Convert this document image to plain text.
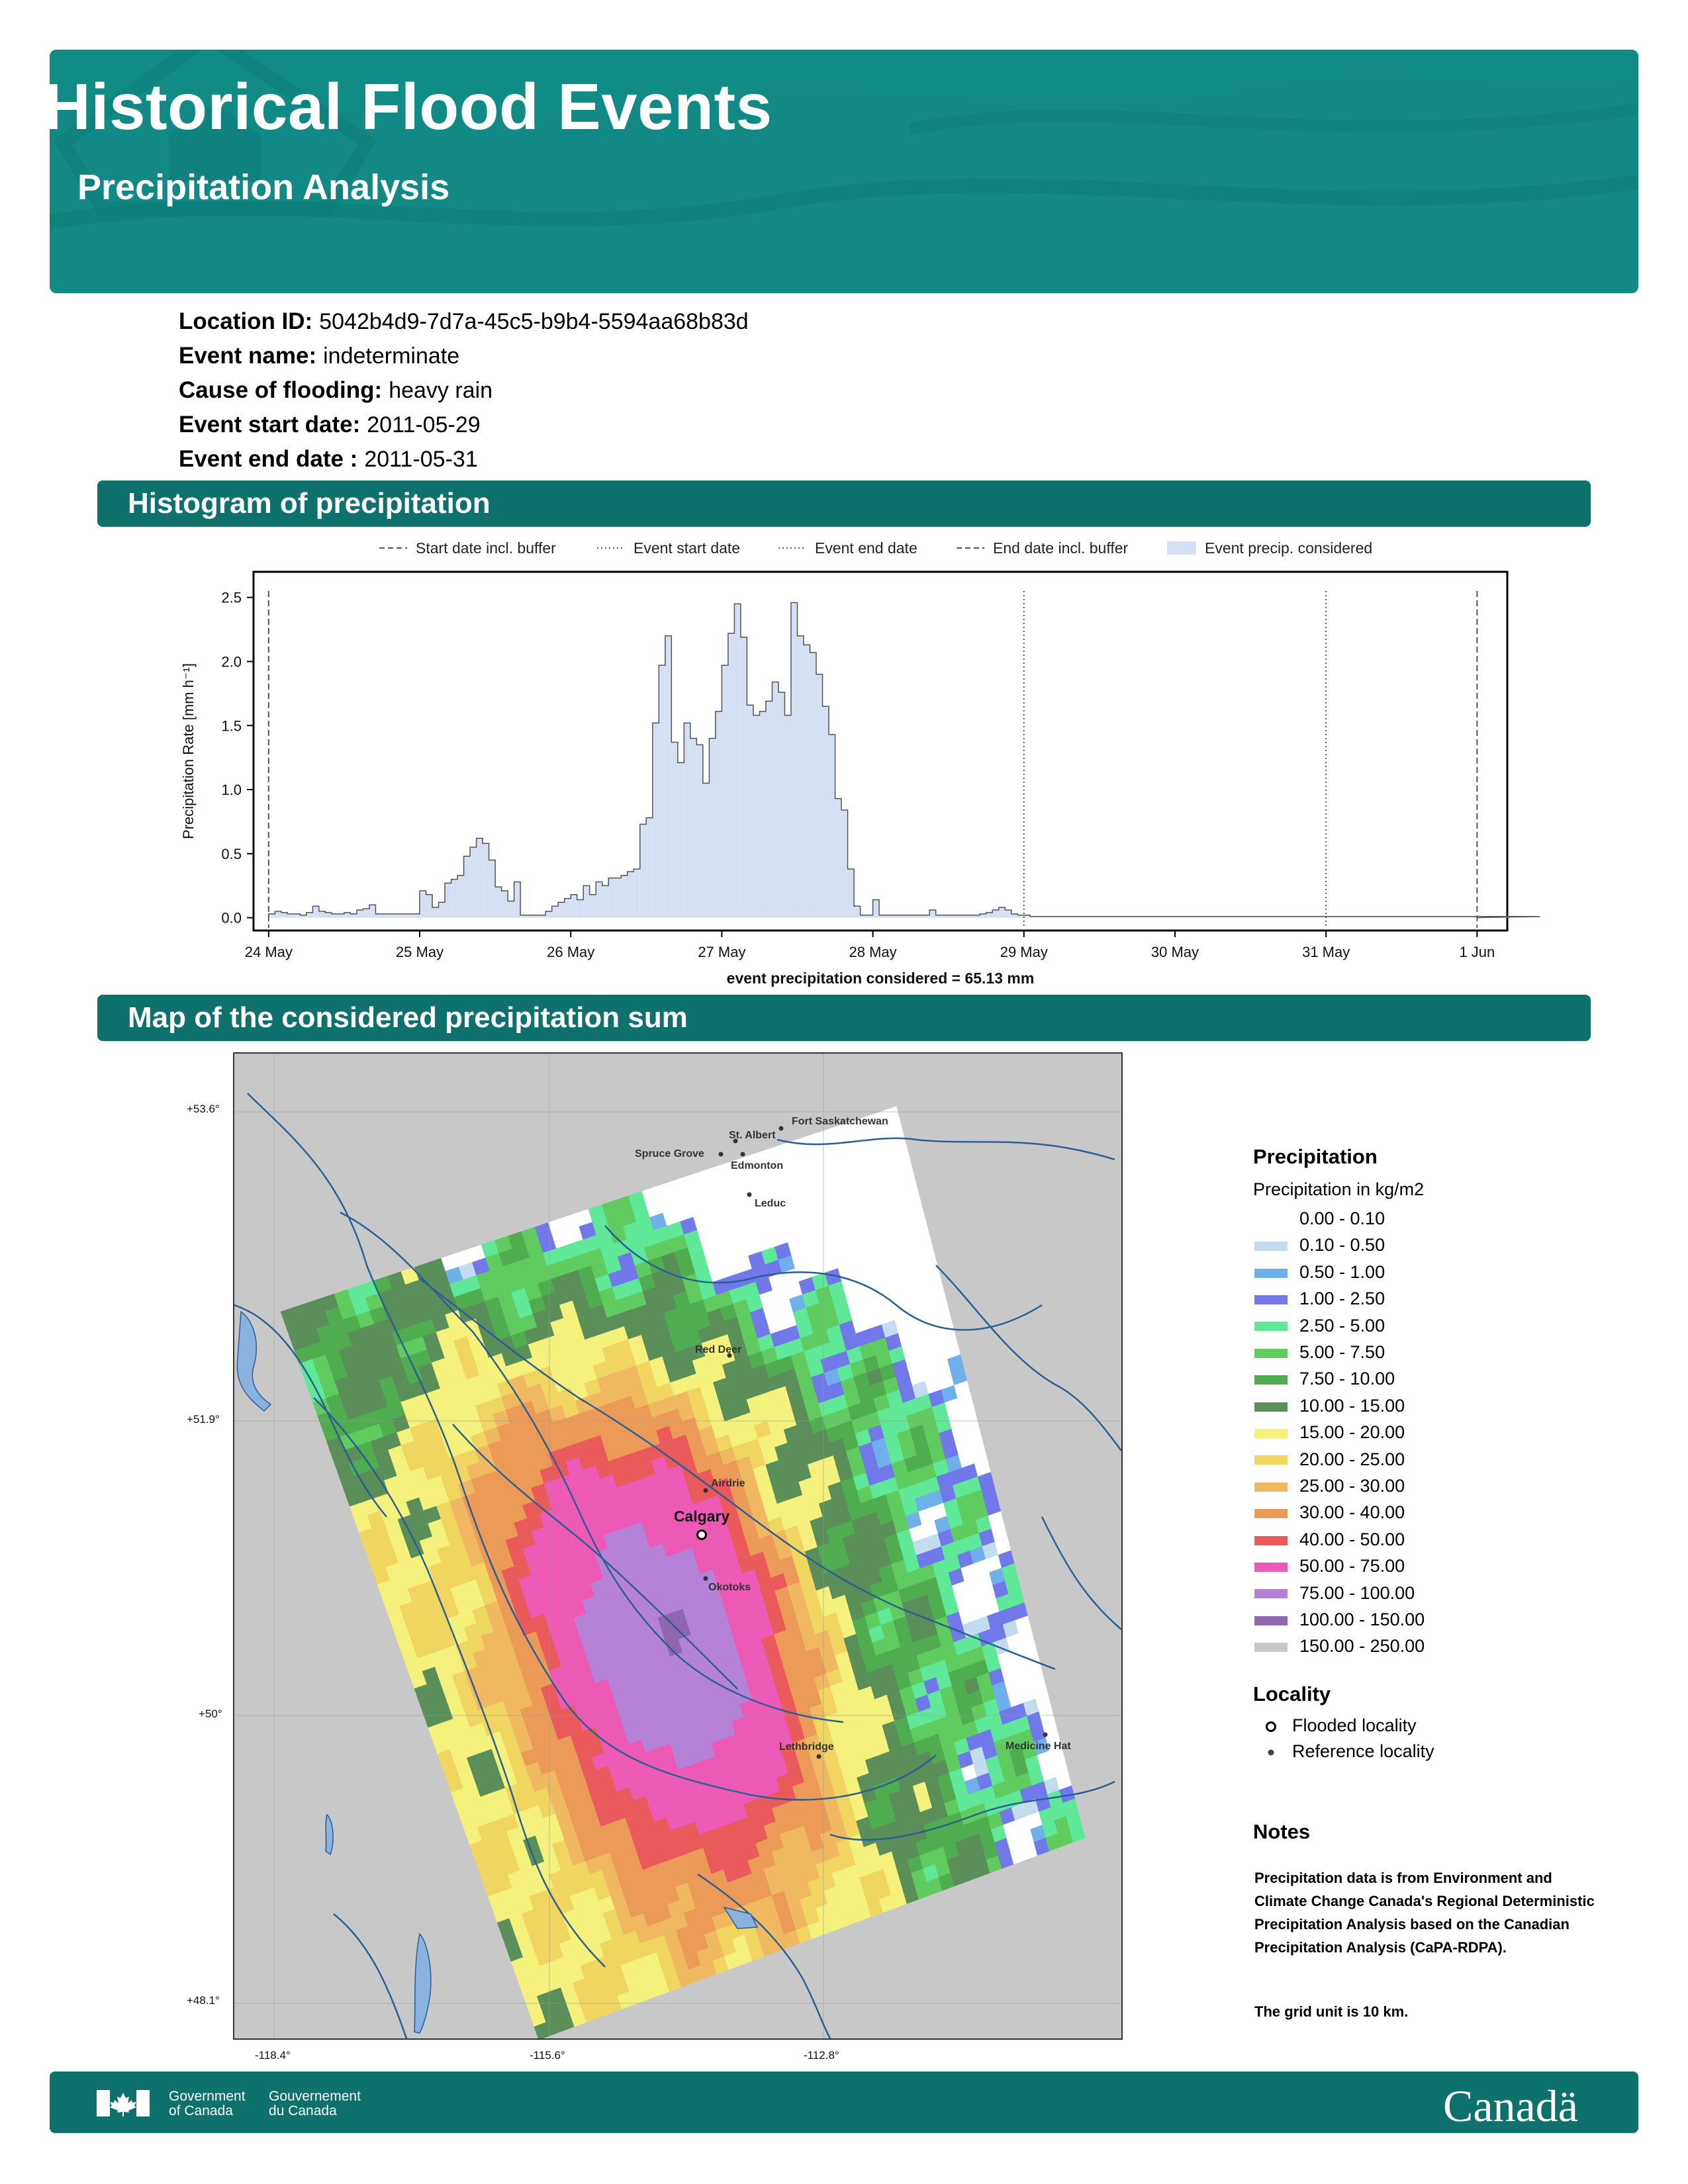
Historical Flood Events
Precipitation Analysis
Location ID: 5042b4d9-7d7a-45c5-b9b4-5594aa68b83d
Event name: indeterminate
Cause of flooding: heavy rain
Event start date: 2011-05-29
Event end date : 2011-05-31
Histogram of precipitation
Start date incl. buffer	Event start date	Event end date	End date incl. buffer	Event precip. considered
0.0
0.5
1.0
1.5
2.0
2.5
24 May	25 May	26 May	27 May	28 May	29 May	30 May	31 May	1 Jun
Precipitation Rate [mm h⁻¹]
event precipitation considered = 65.13 mm
Map of the considered precipitation sum
Fort Saskatchewan
St. Albert
Spruce Grove
Edmonton
Leduc
Red Deer
Airdrie
Calgary
Okotoks
Lethbridge	Medicine Hat
+53.6°
+51.9°
+50°
+48.1°
-118.4°	-115.6°	-112.8°
Precipitation
Precipitation in kg/m2
0.00 - 0.10
0.10 - 0.50
0.50 - 1.00
1.00 - 2.50
2.50 - 5.00
5.00 - 7.50
7.50 - 10.00
10.00 - 15.00
15.00 - 20.00
20.00 - 25.00
25.00 - 30.00
30.00 - 40.00
40.00 - 50.00
50.00 - 75.00
75.00 - 100.00
100.00 - 150.00
150.00 - 250.00
Locality
Flooded locality
Reference locality
Notes
Precipitation data is from Environment and Climate Change Canada's Regional Deterministic Precipitation Analysis based on the Canadian Precipitation Analysis (CaPA-RDPA).
The grid unit is 10 km.
Government
of Canada
Gouvernement
du Canada	Canadä
